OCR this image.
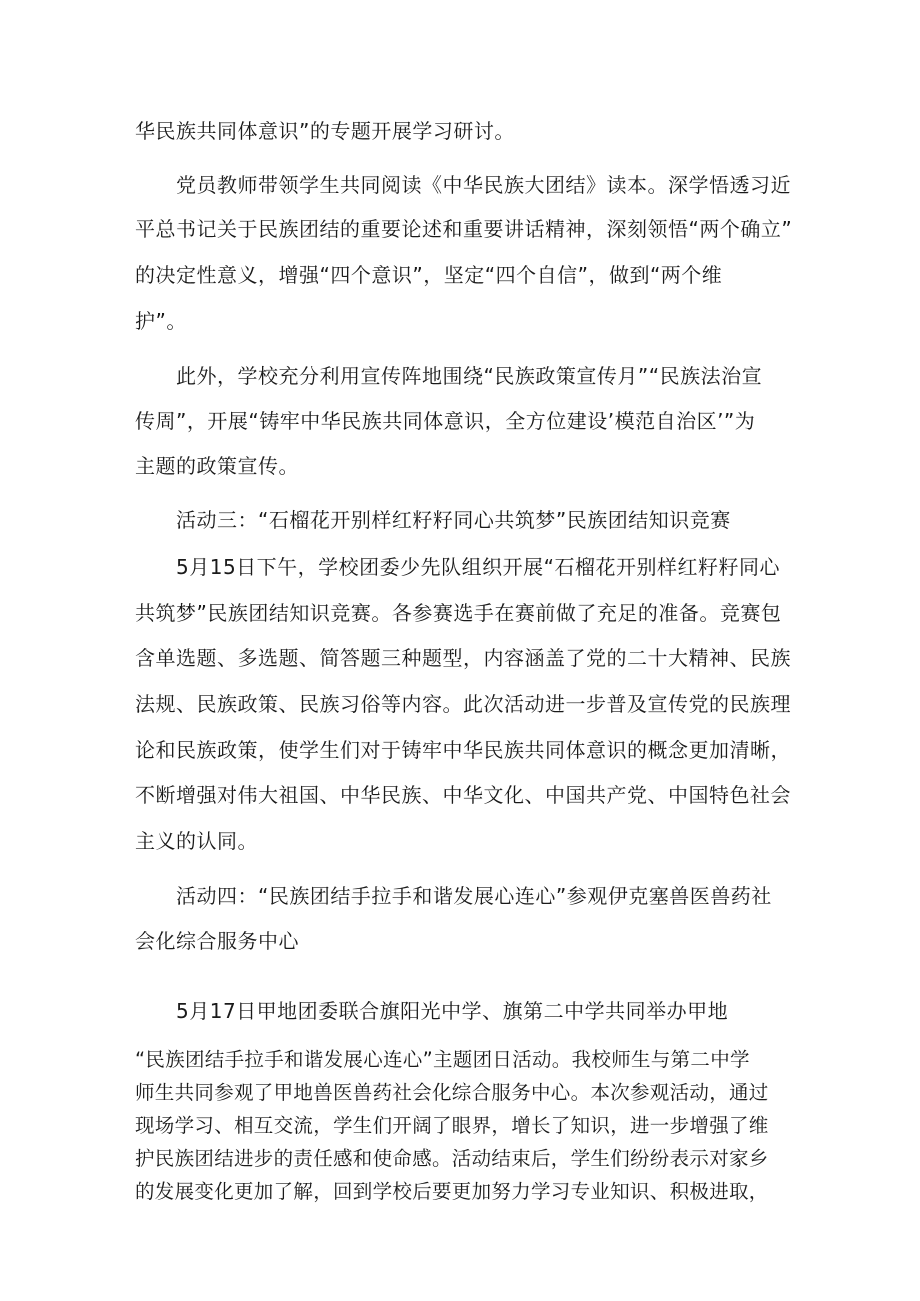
华民族共同体意识”的专题开展学习研讨。
党员教师带领学生共同阅读《中华民族大团结》读本。深学悟透习近
平总书记关于民族团结的重要论述和重要讲话精神，深刻领悟“两个确立”
的决定性意义，增强“四个意识”，坚定“四个自信”，做到“两个维
护”。
此外，学校充分利用宣传阵地围绕“民族政策宣传月”“民族法治宣
传周”，开展“铸牢中华民族共同体意识，全方位建设’模范自治区’”为
主题的政策宣传。
活动三：“石榴花开别样红籽籽同心共筑梦”民族团结知识竞赛
5月15日下午，学校团委少先队组织开展“石榴花开别样红籽籽同心
共筑梦”民族团结知识竞赛。各参赛选手在赛前做了充足的准备。竞赛包
含单选题、多选题、简答题三种题型，内容涵盖了党的二十大精神、民族
法规、民族政策、民族习俗等内容。此次活动进一步普及宣传党的民族理
论和民族政策，使学生们对于铸牢中华民族共同体意识的概念更加清晰，
不断增强对伟大祖国、中华民族、中华文化、中国共产党、中国特色社会
主义的认同。
活动四：“民族团结手拉手和谐发展心连心”参观伊克塞兽医兽药社
会化综合服务中心
5月17日甲地团委联合旗阳光中学、旗第二中学共同举办甲地
“民族团结手拉手和谐发展心连心”主题团日活动。我校师生与第二中学
师生共同参观了甲地兽医兽药社会化综合服务中心。本次参观活动，通过
现场学习、相互交流，学生们开阔了眼界，增长了知识，进一步增强了维
护民族团结进步的责任感和使命感。活动结束后，学生们纷纷表示对家乡
的发展变化更加了解，回到学校后要更加努力学习专业知识、积极进取，
